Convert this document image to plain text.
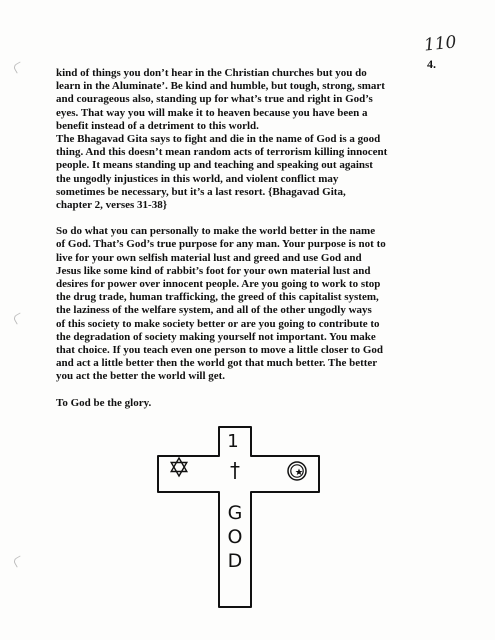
110
4.

kind of things you don’t hear in the Christian churches but you do
learn in the Aluminate’. Be kind and humble, but tough, strong, smart
and courageous also, standing up for what’s true and right in God’s
eyes. That way you will make it to heaven because you have been a
benefit instead of a detriment to this world.

The Bhagavad Gita says to fight and die in the name of God is a good
thing. And this doesn’t mean random acts of terrorism killing innocent
people. It means standing up and teaching and speaking out against
the ungodly injustices in this world, and violent conflict may
sometimes be necessary, but it’s a last resort. {Bhagavad Gita,
chapter 2, verses 31-38}

So do what you can personally to make the world better in the name
of God. That’s God’s true purpose for any man. Your purpose is not to
live for your own selfish material lust and greed and use God and
Jesus like some kind of rabbit’s foot for your own material lust and
desires for power over innocent people. Are you going to work to stop
the drug trade, human trafficking, the greed of this capitalist system,
the laziness of the welfare system, and all of the other ungodly ways
of this society to make society better or are you going to contribute to
the degradation of society making yourself not important. You make
that choice. If you teach even one person to move a little closer to God
and act a little better then the world got that much better. The better
you act the better the world will get.

To God be the glory.

1
†
G
O
D
